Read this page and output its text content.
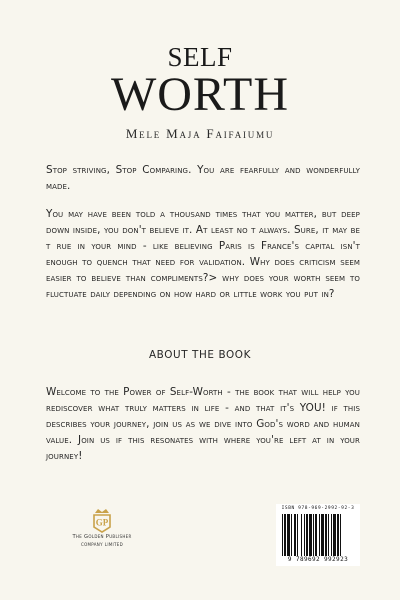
SELF
WORTH
Mele Maja Faifaiumu
Stop striving, Stop Comparing. You are fearfully and wonderfully made.
You may have been told a thousand times that you matter, but deep down inside, you don't believe it. At least no t always. Sure, it may be t rue in your mind - like believing Paris is France's capital isn't enough to quench that need for validation. Why does criticism seem easier to believe than compliments?> why does your worth seem to fluctuate daily depending on how hard or little work you put in?
ABOUT THE BOOK
Welcome to the Power of Self-Worth - the book that will help you rediscover what truly matters in life - and that it's YOU! if this describes your journey, join us as we dive into God's word and human value. Join us if this resonates with where you're left at in your journey!
GP
The Golden Publisher
company limited
ISBN 978-969-2992-92-3
9 789692 992923
